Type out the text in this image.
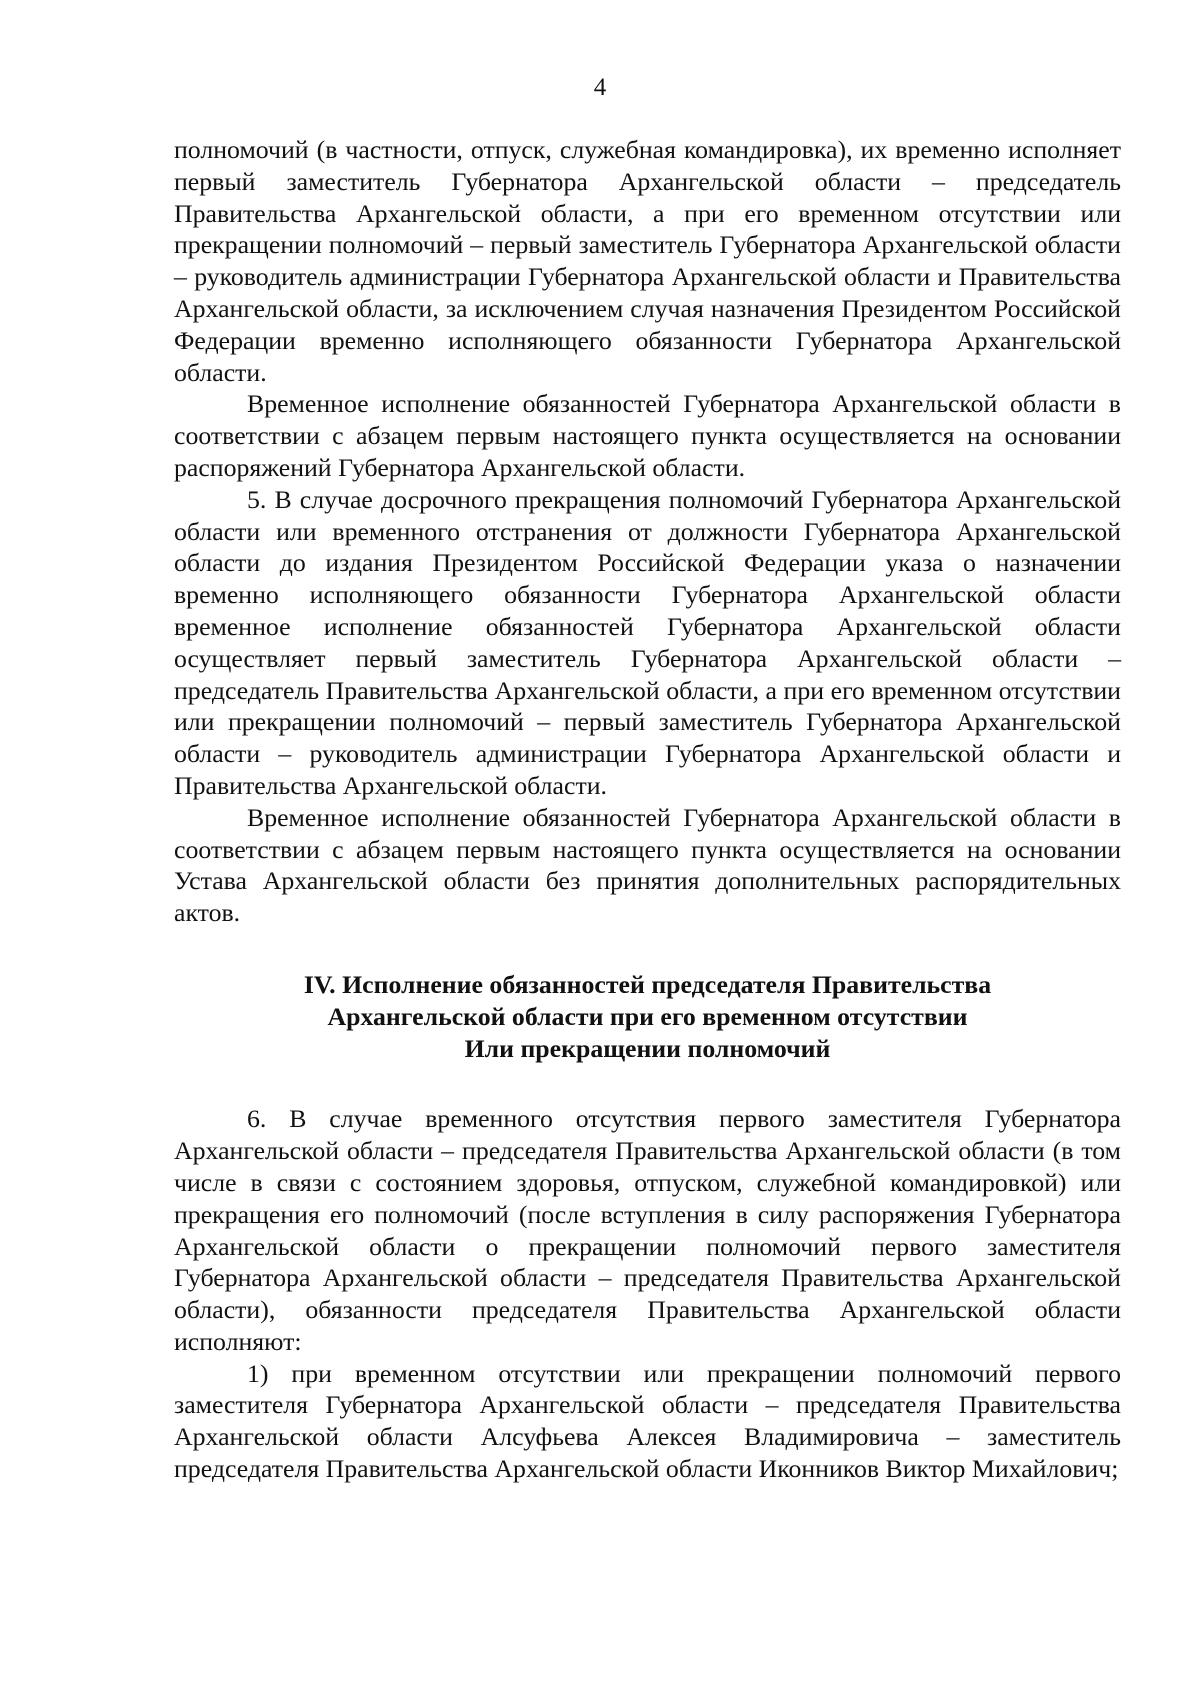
4

полномочий (в частности, отпуск, служебная командировка), их временно исполняет первый заместитель Губернатора Архангельской области – председатель Правительства Архангельской области, а при его временном отсутствии или прекращении полномочий – первый заместитель Губернатора Архангельской области – руководитель администрации Губернатора Архангельской области и Правительства Архангельской области, за исключением случая назначения Президентом Российской Федерации временно исполняющего обязанности Губернатора Архангельской области.

Временное исполнение обязанностей Губернатора Архангельской области в соответствии с абзацем первым настоящего пункта осуществляется на основании распоряжений Губернатора Архангельской области.

5. В случае досрочного прекращения полномочий Губернатора Архангельской области или временного отстранения от должности Губернатора Архангельской области до издания Президентом Российской Федерации указа о назначении временно исполняющего обязанности Губернатора Архангельской области временное исполнение обязанностей Губернатора Архангельской области осуществляет первый заместитель Губернатора Архангельской области – председатель Правительства Архангельской области, а при его временном отсутствии или прекращении полномочий – первый заместитель Губернатора Архангельской области – руководитель администрации Губернатора Архангельской области и Правительства Архангельской области.

Временное исполнение обязанностей Губернатора Архангельской области в соответствии с абзацем первым настоящего пункта осуществляется на основании Устава Архангельской области без принятия дополнительных распорядительных актов.

IV. Исполнение обязанностей председателя Правительства
Архангельской области при его временном отсутствии
Или прекращении полномочий

6. В случае временного отсутствия первого заместителя Губернатора Архангельской области – председателя Правительства Архангельской области (в том числе в связи с состоянием здоровья, отпуском, служебной командировкой) или прекращения его полномочий (после вступления в силу распоряжения Губернатора Архангельской области о прекращении полномочий первого заместителя Губернатора Архангельской области – председателя Правительства Архангельской области), обязанности председателя Правительства Архангельской области исполняют:

1) при временном отсутствии или прекращении полномочий первого заместителя Губернатора Архангельской области – председателя Правительства Архангельской области Алсуфьева Алексея Владимировича – заместитель председателя Правительства Архангельской области Иконников Виктор Михайлович;
